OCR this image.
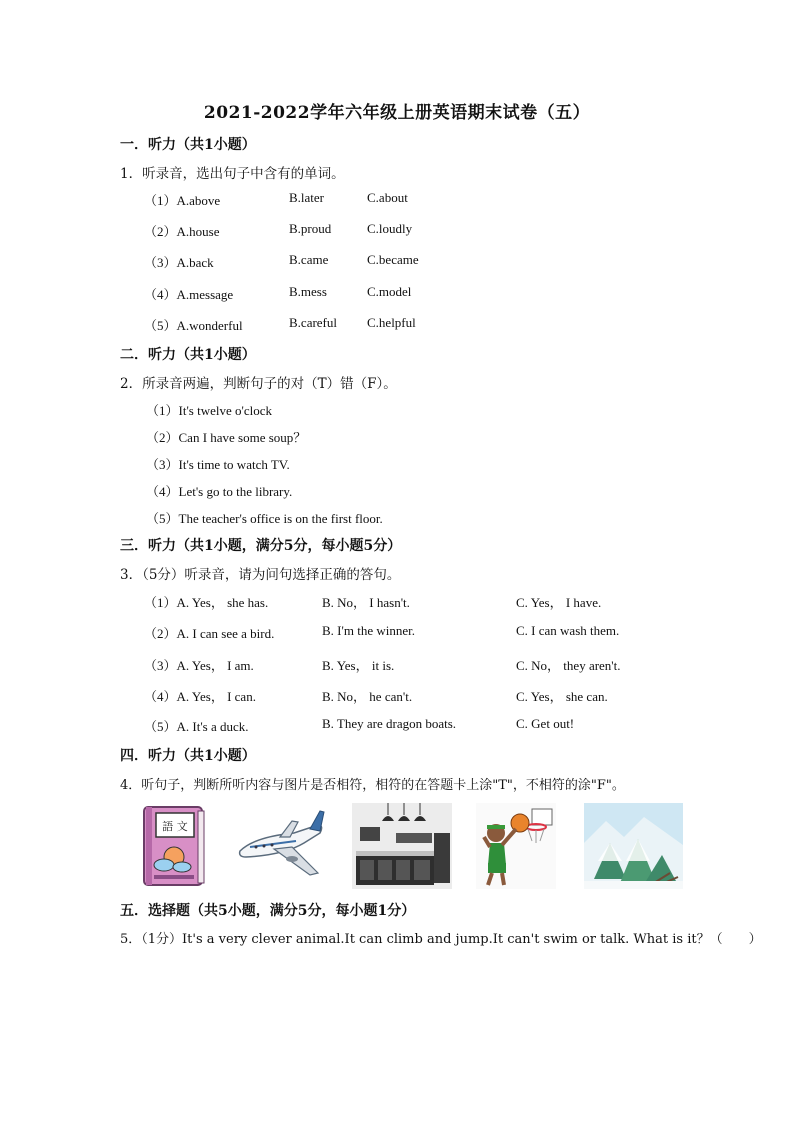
2021-2022学年六年级上册英语期末试卷（五）
一．听力（共1小题）
1．听录音，选出句子中含有的单词。
（1）A.above	B.later	C.about
（2）A.house	B.proud	C.loudly
（3）A.back	B.came	C.became
（4）A.message	B.mess	C.model
（5）A.wonderful	B.careful C.helpful
二．听力（共1小题）
2．所录音两遍，判断句子的对（T）错（F）。
（1）It's twelve o'clock
（2）Can I have some soup？
（3）It's time to watch TV.
（4）Let's go to the library.
（5）The teacher's office is on the first floor.
三．听力（共1小题，满分5分，每小题5分）
3．（5分）听录音，请为问句选择正确的答句。
（1）A. Yes， she has.	B. No， I hasn't.	C. Yes， I have.
（2）A. I can see a bird.	B. I'm the winner.	C. I can wash them.
（3）A. Yes， I am.	B. Yes， it is.	C. No， they aren't.
（4）A. Yes， I can.	B. No， he can't.	C. Yes， she can.
（5）A. It's a duck.	B. They are dragon boats.	C. Get out!
四．听力（共1小题）
4．听句子，判断所听内容与图片是否相符，相符的在答题卡上涂"T"，不相符的涂"F"。
語 文
五．选择题（共5小题，满分5分，每小题1分）
5．（1分）It's a very clever animal.It can climb and jump.It can't swim or talk. What is it？（　　）
